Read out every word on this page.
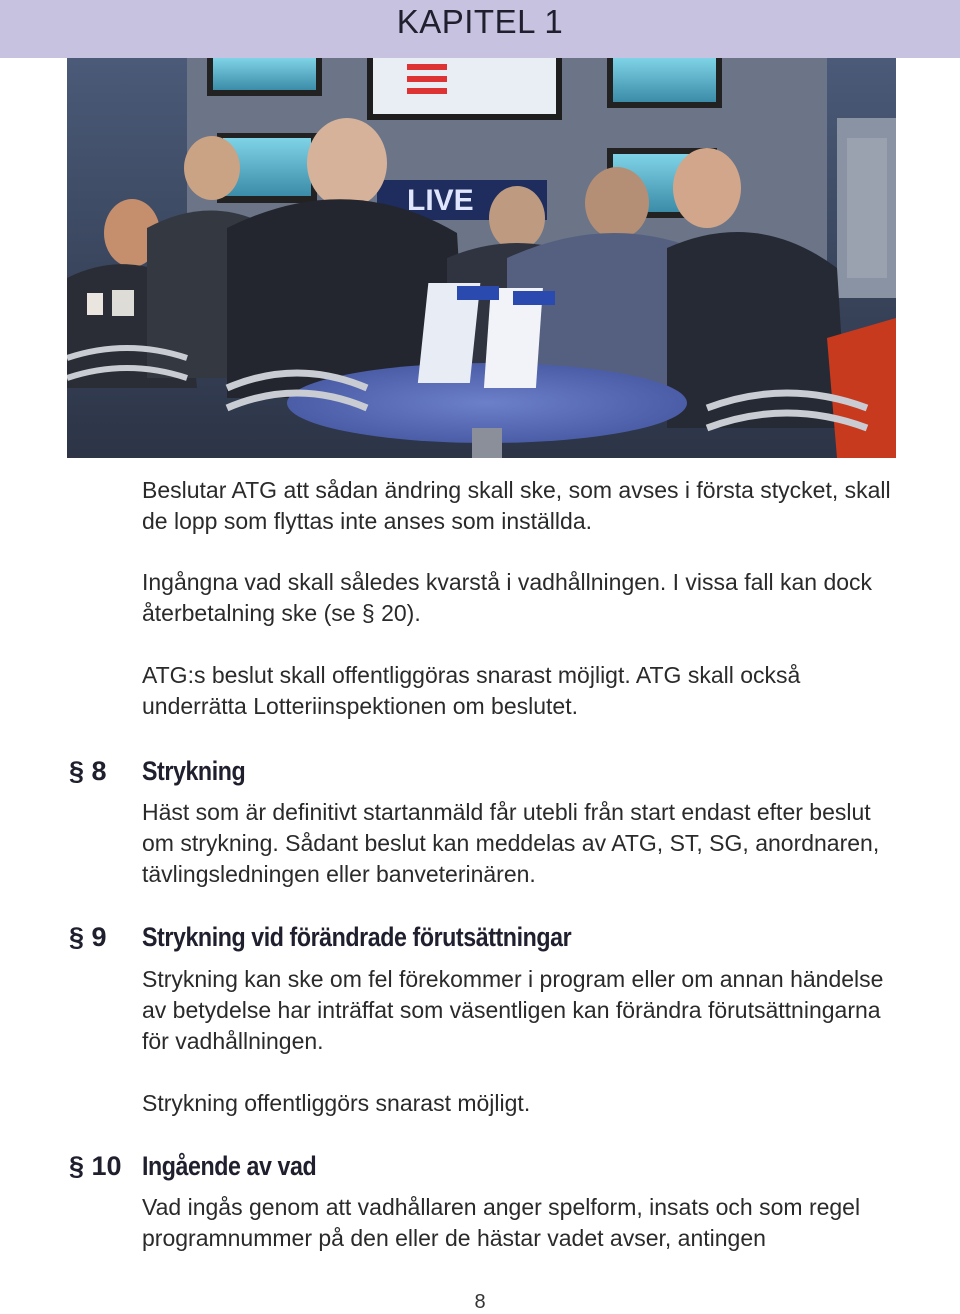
KAPITEL 1
LIVE
Beslutar ATG att sådan ändring skall ske, som avses i första stycket, skall de lopp som flyttas inte anses som inställda.
Ingångna vad skall således kvarstå i vadhållningen. I vissa fall kan dock återbetalning ske (se § 20).
ATG:s beslut skall offentliggöras snarast möjligt. ATG skall också underrätta Lotteriinspektionen om beslutet.
§ 8 Strykning
Häst som är definitivt startanmäld får utebli från start endast efter beslut om strykning. Sådant beslut kan meddelas av ATG, ST, SG, anordnaren, tävlingsledningen eller banveterinären.
§ 9 Strykning vid förändrade förutsättningar
Strykning kan ske om fel förekommer i program eller om annan händelse av betydelse har inträffat som väsentligen kan förändra förutsättningarna för vadhållningen.
Strykning offentliggörs snarast möjligt.
§ 10 Ingående av vad
Vad ingås genom att vadhållaren anger spelform, insats och som regel programnummer på den eller de hästar vadet avser, antingen
8
